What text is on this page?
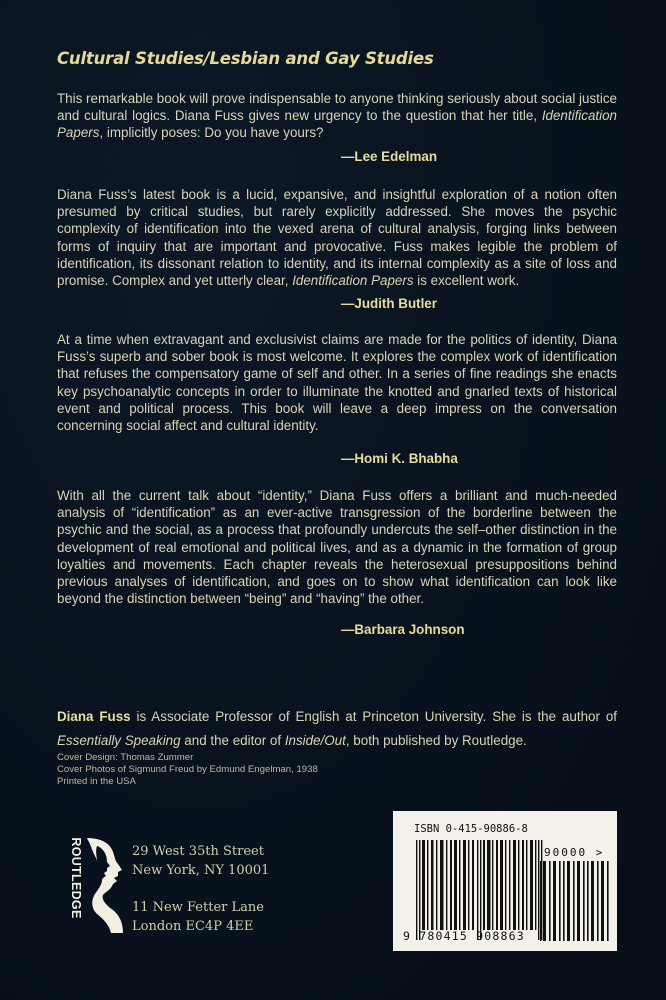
Cultural Studies/Lesbian and Gay Studies

This remarkable book will prove indispensable to anyone thinking seriously about social justice and cultural logics. Diana Fuss gives new urgency to the question that her title, Identification Papers, implicitly poses: Do you have yours?

—Lee Edelman

Diana Fuss’s latest book is a lucid, expansive, and insightful exploration of a notion often presumed by critical studies, but rarely explicitly addressed. She moves the psychic complexity of identification into the vexed arena of cultural analysis, forging links between forms of inquiry that are important and provocative. Fuss makes legible the problem of identification, its dissonant relation to identity, and its internal complexity as a site of loss and promise. Complex and yet utterly clear, Identification Papers is excellent work.

—Judith Butler

At a time when extravagant and exclusivist claims are made for the politics of identity, Diana Fuss’s superb and sober book is most welcome. It explores the complex work of identification that refuses the compensatory game of self and other. In a series of fine readings she enacts key psychoanalytic concepts in order to illuminate the knotted and gnarled texts of historical event and political process. This book will leave a deep impress on the conversation concerning social affect and cultural identity.

—Homi K. Bhabha

With all the current talk about “identity,” Diana Fuss offers a brilliant and much-needed analysis of “identification” as an ever-active transgression of the borderline between the psychic and the social, as a process that profoundly undercuts the self–other distinction in the development of real emotional and political lives, and as a dynamic in the formation of group loyalties and movements. Each chapter reveals the heterosexual presuppositions behind previous analyses of identification, and goes on to show what identification can look like beyond the distinction between “being” and “having” the other.

—Barbara Johnson

Diana Fuss is Associate Professor of English at Princeton University. She is the author of Essentially Speaking and the editor of Inside/Out, both published by Routledge.

Cover Design: Thomas Zummer
Cover Photos of Sigmund Freud by Edmund Engelman, 1938
Printed in the USA
ROUTLEDGE	29 West 35th Street
New York, NY 10001
11 New Fetter Lane
London EC4P 4EE
ISBN 0-415-90886-8
90000 >
9 780415 908863
